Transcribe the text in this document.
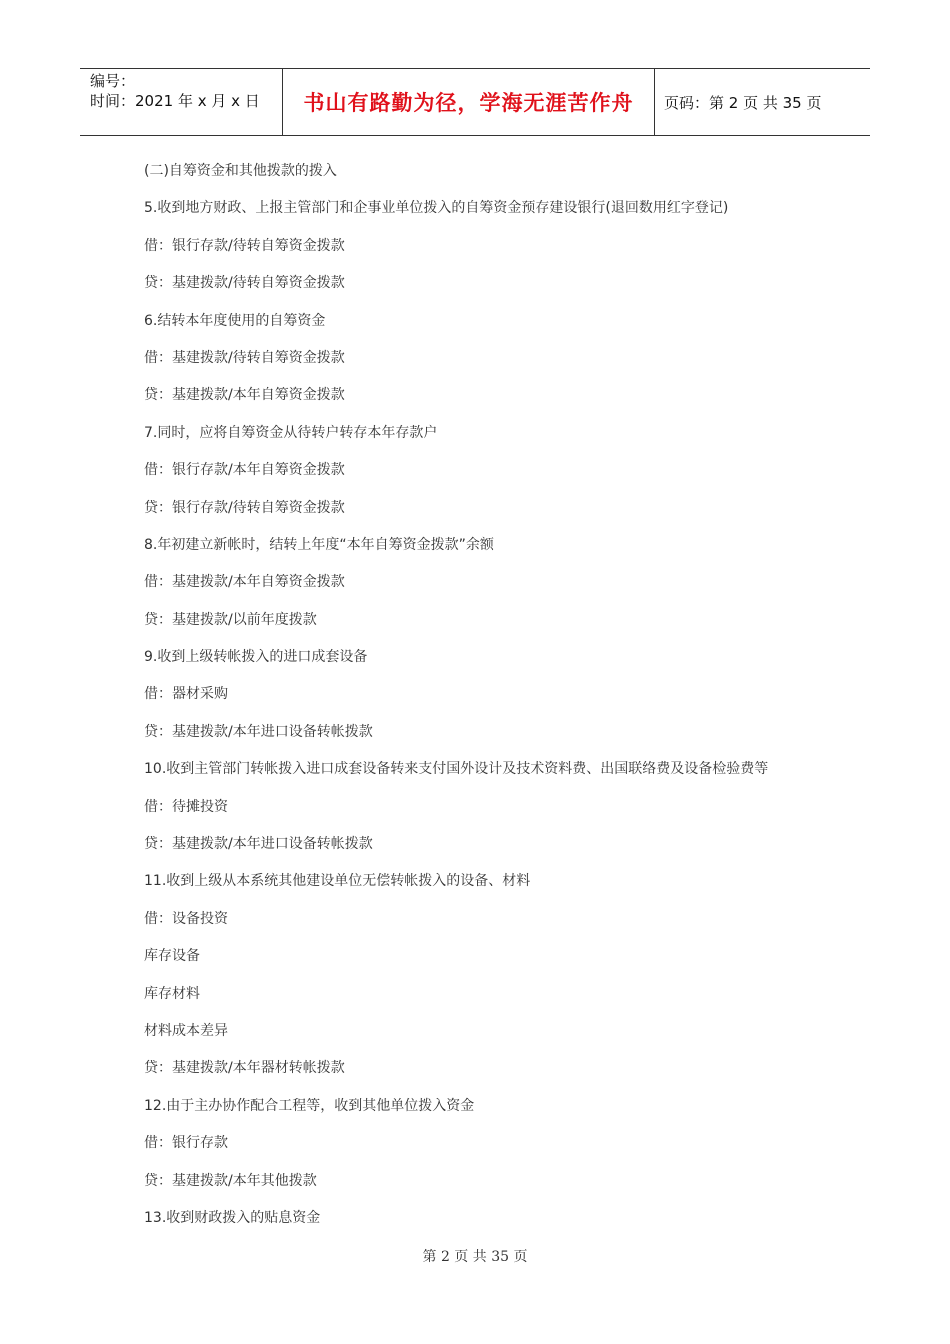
编号：
时间：2021 年 x 月 x 日	书山有路勤为径，学海无涯苦作舟	页码：第 2 页 共 35 页
(二)自筹资金和其他拨款的拨入
5.收到地方财政、上报主管部门和企事业单位拨入的自筹资金预存建设银行(退回数用红字登记)
借：银行存款/待转自筹资金拨款
贷：基建拨款/待转自筹资金拨款
6.结转本年度使用的自筹资金
借：基建拨款/待转自筹资金拨款
贷：基建拨款/本年自筹资金拨款
7.同时，应将自筹资金从待转户转存本年存款户
借：银行存款/本年自筹资金拨款
贷：银行存款/待转自筹资金拨款
8.年初建立新帐时，结转上年度“本年自筹资金拨款”余额
借：基建拨款/本年自筹资金拨款
贷：基建拨款/以前年度拨款
9.收到上级转帐拨入的进口成套设备
借：器材采购
贷：基建拨款/本年进口设备转帐拨款
10.收到主管部门转帐拨入进口成套设备转来支付国外设计及技术资料费、出国联络费及设备检验费等
借：待摊投资
贷：基建拨款/本年进口设备转帐拨款
11.收到上级从本系统其他建设单位无偿转帐拨入的设备、材料
借：设备投资
库存设备
库存材料
材料成本差异
贷：基建拨款/本年器材转帐拨款
12.由于主办协作配合工程等，收到其他单位拨入资金
借：银行存款
贷：基建拨款/本年其他拨款
13.收到财政拨入的贴息资金
第 2 页 共 35 页
